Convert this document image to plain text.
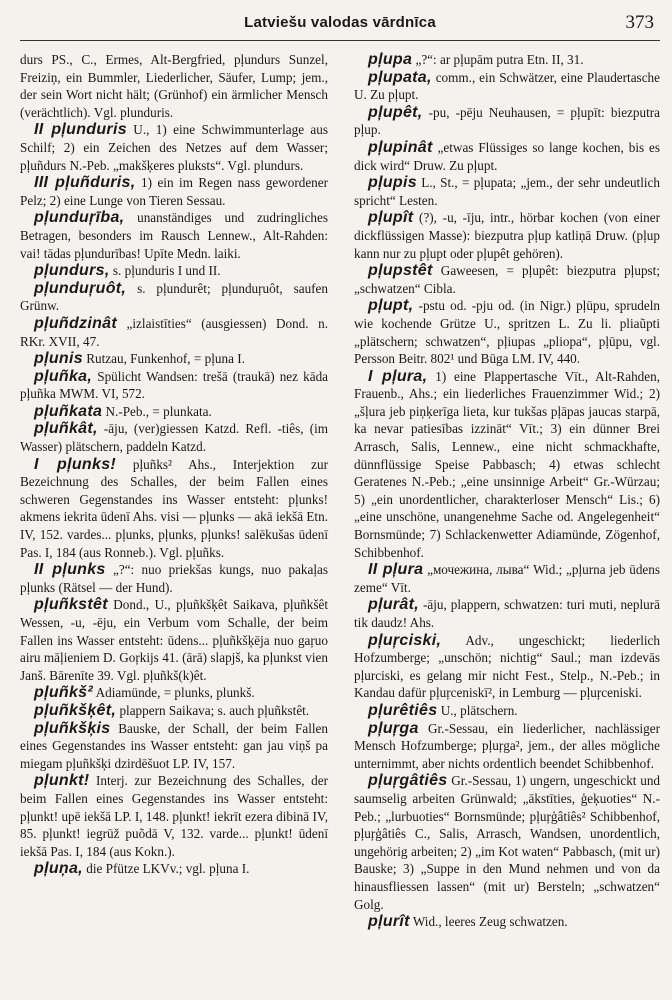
Latviešu valodas vārdnīca	373

durs PS., C., Ermes, Alt-Bergfried, pļundurs Sunzel, Freiziņ, ein Bummler, Liederlicher, Säufer, Lump; jem., der sein Wort nicht hält; (Grünhof) ein ärmlicher Mensch (verächtlich). Vgl. plunduris.

II pļunduris U., 1) eine Schwimmunterlage aus Schilf; 2) ein Zeichen des Netzes auf dem Wasser; pļuñdurs N.-Peb. „makšķeres pluksts“. Vgl. plundurs.

III pļuñduris, 1) ein im Regen nass gewordener Pelz; 2) eine Lunge von Tieren Sessau.

pļunduŗība, unanständiges und zudringliches Betragen, besonders im Rausch Lennew., Alt-Rahden: vai! tādas pļundurības! Upīte Medn. laiki.

pļundurs, s. pļunduris I und II.

pļunduŗuôt, s. pļundurêt; pļunduŗuôt, saufen Grünw.

pļuñdzinât „izlaistīties“ (ausgiessen) Dond. n. RKr. XVII, 47.

pļunis Rutzau, Funkenhof, = pļuna I.

pļuñka, Spülicht Wandsen: trešā (traukā) nez kāda pļuñka MWM. VI, 572.

pļuñkata N.-Peb., = plunkata.

pļuñkât, -āju, (ver)giessen Katzd. Refl. -tiês, (im Wasser) plätschern, paddeln Katzd.

I pļunks! pļuñks² Ahs., Interjektion zur Bezeichnung des Schalles, der beim Fallen eines schweren Gegenstandes ins Wasser entsteht: pļunks! akmens iekrita ūdenī Ahs. visi — pļunks — akā iekšā Etn. IV, 152. vardes... pļunks, pļunks, pļunks! salēkušas ūdenī Pas. I, 184 (aus Ronneb.). Vgl. pļuñks.

II pļunks „?“: nuo priekšas kungs, nuo pakaļas pļunks (Rätsel — der Hund).

pļuñkstêt Dond., U., pļuñkšķêt Saikava, pļuñkšêt Wessen, -u, -ēju, ein Verbum vom Schalle, der beim Fallen ins Wasser entsteht: ūdens... pļuñkšķēja nuo gaŗuo airu māļieniem D. Goŗkijs 41. (ārā) slapjš, ka pļunkst vien Janš. Bārenīte 39. Vgl. pļuñkš(k)êt.

pļuñkš² Adiamünde, = plunks, plunkš.

pļuñkšķêt, plappern Saikava; s. auch pļuñkstêt.

pļuñkšķis Bauske, der Schall, der beim Fallen eines Gegenstandes ins Wasser entsteht: gan jau viņš pa miegam pļuñkšķi dzirdēšuot LP. IV, 157.

pļunkt! Interj. zur Bezeichnung des Schalles, der beim Fallen eines Gegenstandes ins Wasser entsteht: pļunkt! upē iekšā LP. I, 148. pļunkt! iekrīt ezera dibinā IV, 85. pļunkt! iegrūž puõdā V, 132. varde... pļunkt! ūdenī iekšā Pas. I, 184 (aus Kokn.).

pļuņa, die Pfütze LKVv.; vgl. pļuna I.

pļupa „?“: ar pļupām putra Etn. II, 31.

pļupata, comm., ein Schwätzer, eine Plaudertasche U. Zu pļupt.

pļupêt, -pu, -pēju Neuhausen, = pļupīt: biezputra pļup.

pļupinât „etwas Flüssiges so lange kochen, bis es dick wird“ Druw. Zu pļupt.

pļupis L., St., = pļupata; „jem., der sehr undeutlich spricht“ Lesten.

pļupît (?), -u, -īju, intr., hörbar kochen (von einer dickflüssigen Masse): biezputra pļup katliņā Druw. (pļup kann nur zu pļupt oder pļupêt gehören).

pļupstêt Gaweesen, = pļupêt: biezputra pļupst; „schwatzen“ Cibla.

pļupt, -pstu od. -pju od. (in Nigr.) pļūpu, sprudeln wie kochende Grütze U., spritzen L. Zu li. pliaũpti „plätschern; schwatzen“, pļiupas „pliopa“, pļūpu, vgl. Persson Beitr. 802¹ und Būga LM. IV, 440.

I pļura, 1) eine Plappertasche Vīt., Alt-Rahden, Frauenb., Ahs.; ein liederliches Frauenzimmer Wid.; 2) „šļura jeb piņķerīga lieta, kur tukšas pļāpas jaucas starpā, ka nevar patiesības izzināt“ Vīt.; 3) ein dünner Brei Arrasch, Salis, Lennew., eine nicht schmackhafte, dünnflüssige Speise Pabbasch; 4) etwas schlecht Geratenes N.-Peb.; „eine unsinnige Arbeit“ Gr.-Würzau; 5) „ein unordentlicher, charakterloser Mensch“ Lis.; 6) „eine unschöne, unangenehme Sache od. Angelegenheit“ Bornsmünde; 7) Schlackenwetter Adiamünde, Zögenhof, Schibbenhof.

II pļura „мочежина, лыва“ Wid.; „pļurna jeb ūdens zeme“ Vīt.

pļurât, -āju, plappern, schwatzen: turi muti, neplurā tik daudz! Ahs.

pļuŗciski, Adv., ungeschickt; liederlich Hofzumberge; „unschön; nichtig“ Saul.; man izdevās pļurciski, es gelang mir nicht Fest., Stelp., N.-Peb.; in Kandau dafür pļuŗceniskī², in Lemburg — pļuŗceniski.

pļurêtiês U., plätschern.

pļuŗga Gr.-Sessau, ein liederlicher, nachlässiger Mensch Hofzumberge; pļuŗga², jem., der alles mögliche unternimmt, aber nichts ordentlich beendet Schibbenhof.

pļuŗgâtiês Gr.-Sessau, 1) ungern, ungeschickt und saumselig arbeiten Grünwald; „ākstīties, ģeķuoties“ N.-Peb.; „lurbuoties“ Bornsmünde; pļuŗģâtiês² Schibbenhof, pļuŗģâtiês C., Salis, Arrasch, Wandsen, unordentlich, ungehörig arbeiten; 2) „im Kot waten“ Pabbasch, (mit ur) Bauske; 3) „Suppe in den Mund nehmen und von da hinausfliessen lassen“ (mit ur) Bersteln; „schwatzen“ Golg.

pļurît Wid., leeres Zeug schwatzen.
